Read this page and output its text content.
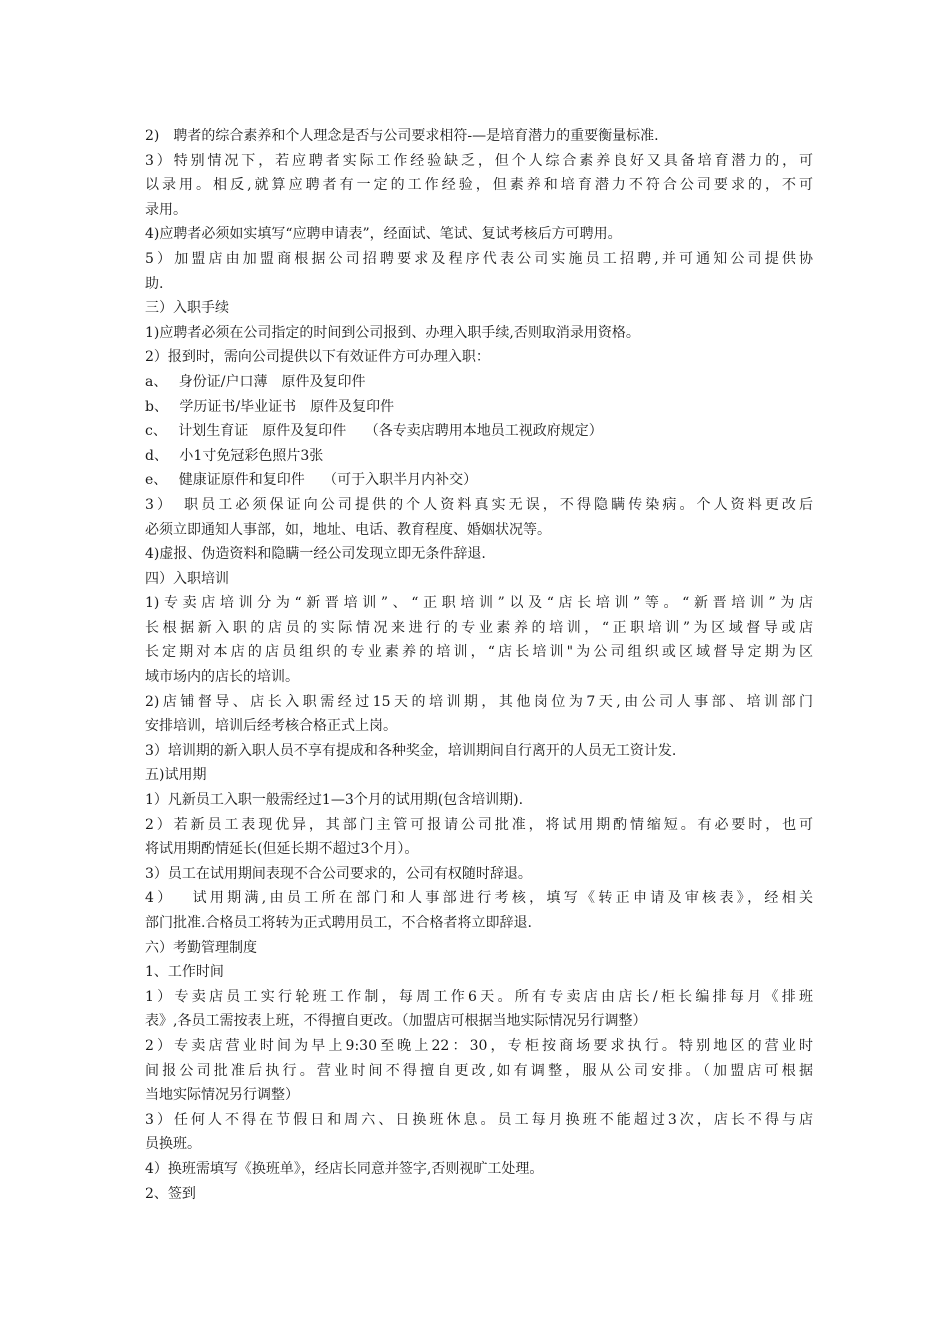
2)　聘者的综合素养和个人理念是否与公司要求相符-—是培育潜力的重要衡量标准.
3）特别情况下，若应聘者实际工作经验缺乏，但个人综合素养良好又具备培育潜力的，可
以录用。相反,就算应聘者有一定的工作经验，但素养和培育潜力不符合公司要求的，不可
录用。
4)应聘者必须如实填写“应聘申请表”，经面试、笔试、复试考核后方可聘用。
5）加盟店由加盟商根据公司招聘要求及程序代表公司实施员工招聘,并可通知公司提供协
助.
三）入职手续
1)应聘者必须在公司指定的时间到公司报到、办理入职手续,否则取消录用资格。
2）报到时，需向公司提供以下有效证件方可办理入职：
a、　 身份证/户口薄　原件及复印件
b、　 学历证书/毕业证书　原件及复印件
c、　 计划生育证　原件及复印件　 （各专卖店聘用本地员工视政府规定）
d、　 小1寸免冠彩色照片3张
e、　 健康证原件和复印件　 （可于入职半月内补交）
3）　职员工必须保证向公司提供的个人资料真实无误，不得隐瞒传染病。个人资料更改后
必须立即通知人事部，如，地址、电话、教育程度、婚姻状况等。
4)虚报、伪造资料和隐瞒一经公司发现立即无条件辞退.
四）入职培训
1)专卖店培训分为“新晋培训”、“正职培训”以及“店长培训”等。“新晋培训”为店
长根据新入职的店员的实际情况来进行的专业素养的培训，“正职培训”为区域督导或店
长定期对本店的店员组织的专业素养的培训，“店长培训"为公司组织或区域督导定期为区
域市场内的店长的培训。
2)店铺督导、店长入职需经过15天的培训期，其他岗位为7天,由公司人事部、培训部门
安排培训，培训后经考核合格正式上岗。
3）培训期的新入职人员不享有提成和各种奖金，培训期间自行离开的人员无工资计发.
五)试用期
1）凡新员工入职一般需经过1—3个月的试用期(包含培训期).
2）若新员工表现优异，其部门主管可报请公司批准，将试用期酌情缩短。有必要时，也可
将试用期酌情延长(但延长期不超过3个月）。
3）员工在试用期间表现不合公司要求的，公司有权随时辞退。
4）　 试用期满,由员工所在部门和人事部进行考核，填写《转正申请及审核表》，经相关
部门批准.合格员工将转为正式聘用员工，不合格者将立即辞退.
六）考勤管理制度
1、工作时间
1）专卖店员工实行轮班工作制，每周工作6天。所有专卖店由店长/柜长编排每月《排班
表》,各员工需按表上班，不得擅自更改。（加盟店可根据当地实际情况另行调整）
2）专卖店营业时间为早上9:30至晚上22：30，专柜按商场要求执行。特别地区的营业时
间报公司批准后执行。营业时间不得擅自更改,如有调整，服从公司安排。（加盟店可根据
当地实际情况另行调整）
3）任何人不得在节假日和周六、日换班休息。员工每月换班不能超过3次，店长不得与店
员换班。
4）换班需填写《换班单》，经店长同意并签字,否则视旷工处理。
2、签到
